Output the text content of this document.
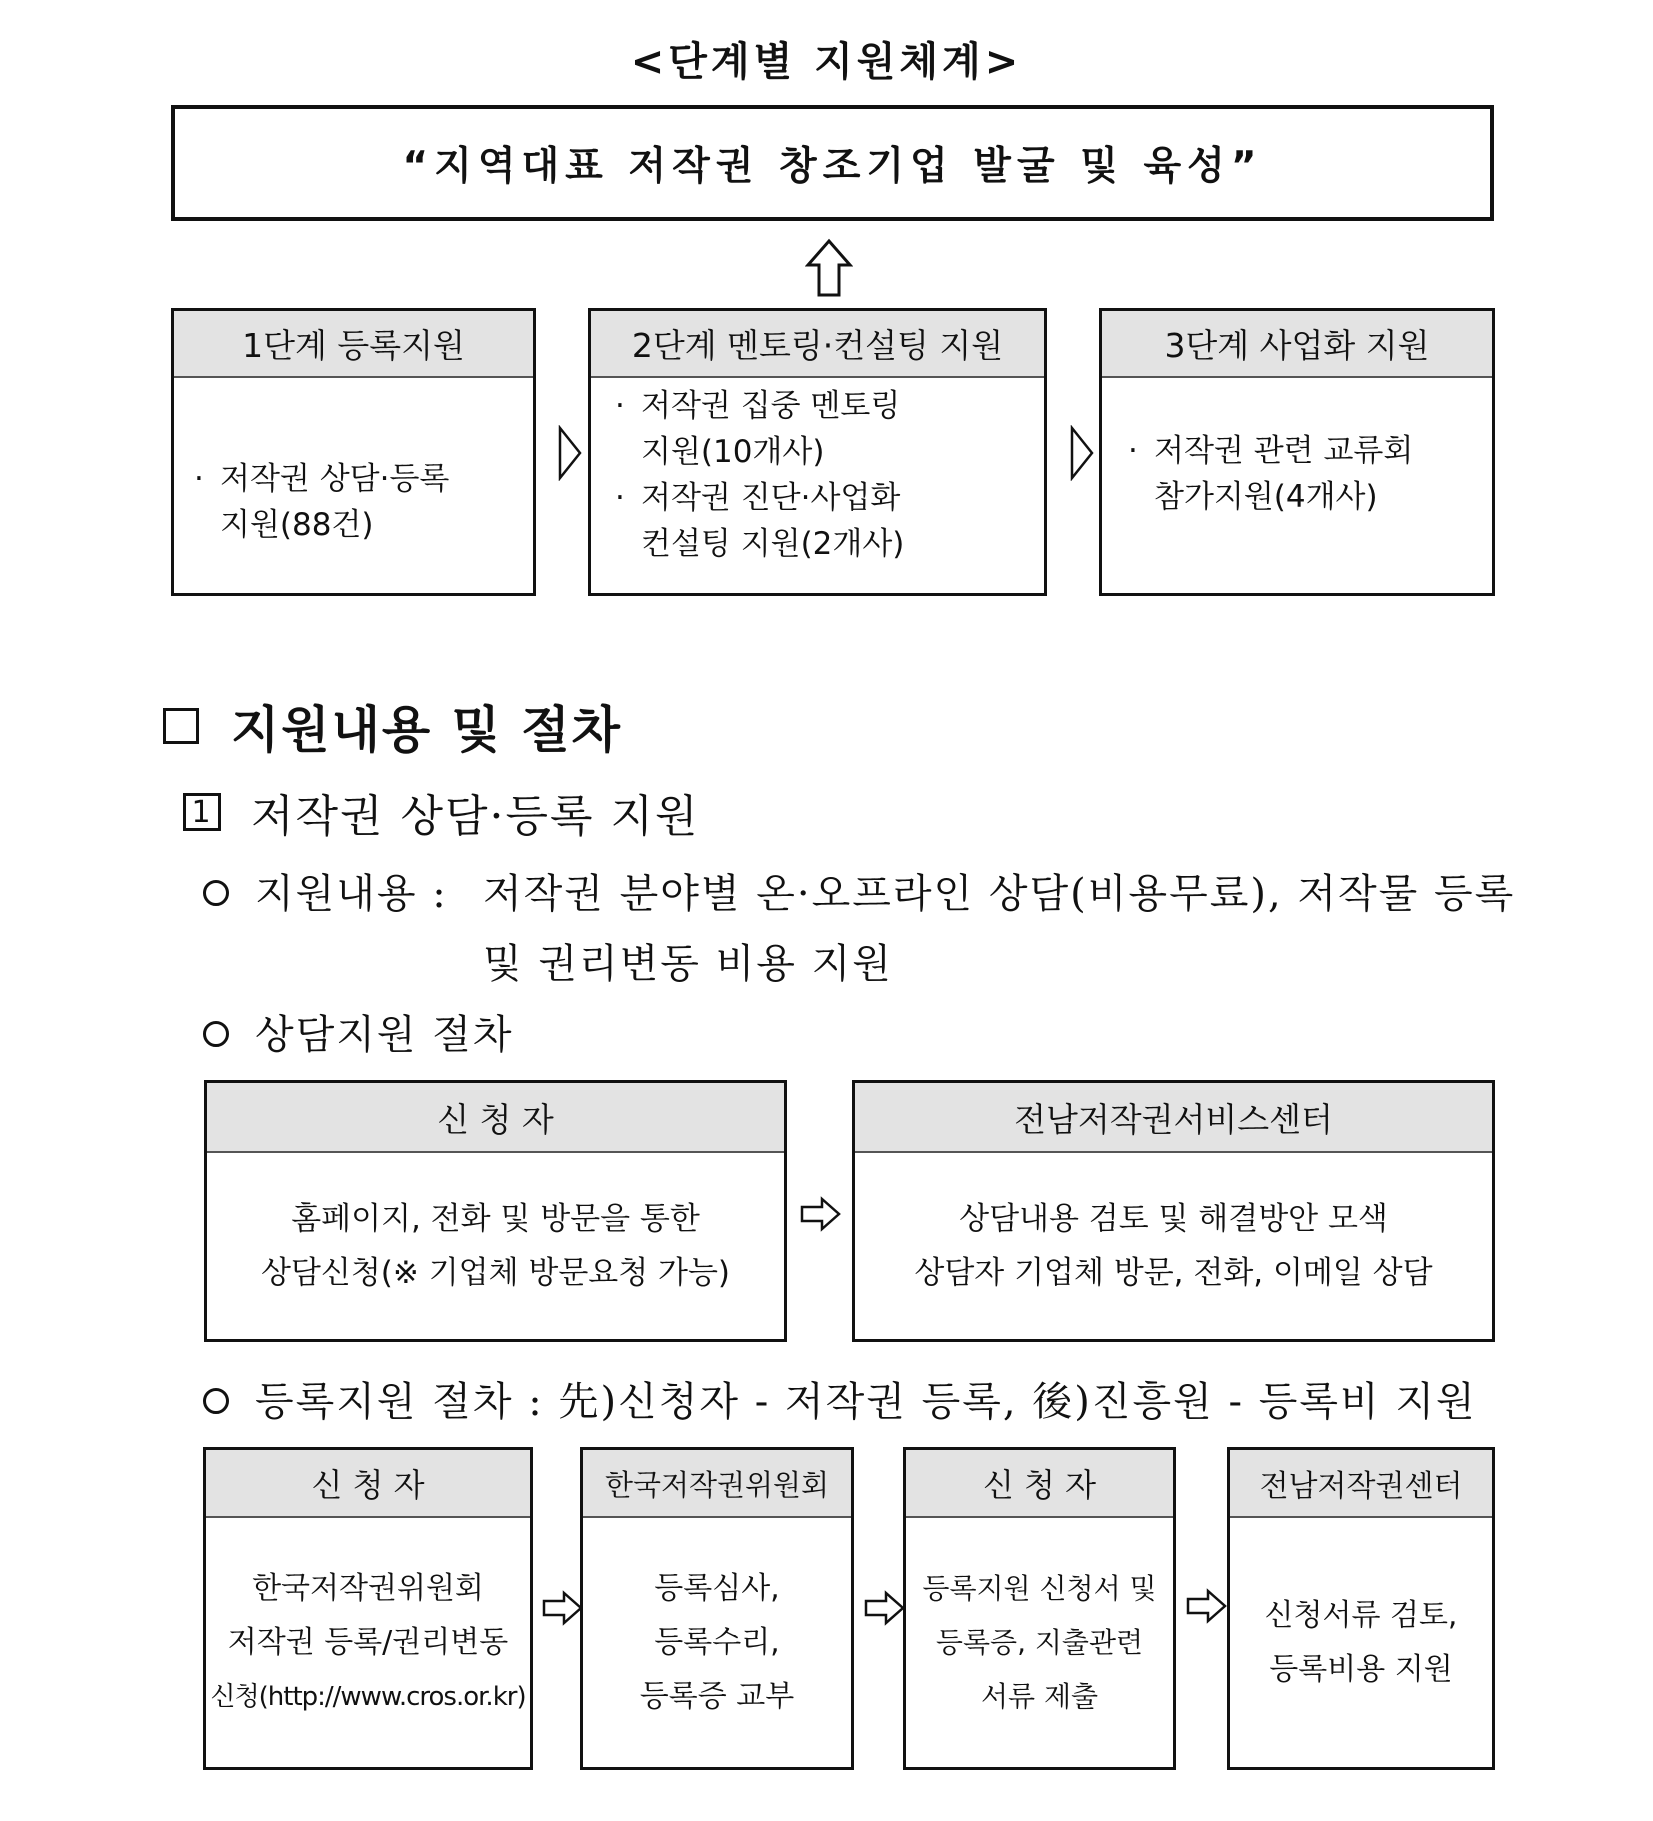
<단계별 지원체계>
“지역대표 저작권 창조기업 발굴 및 육성”
1단계 등록지원
· 저작권 상담·등록
지원(88건)
2단계 멘토링·컨설팅 지원
· 저작권 집중 멘토링
지원(10개사)
· 저작권 진단·사업화
컨설팅 지원(2개사)
3단계 사업화 지원
· 저작권 관련 교류회
참가지원(4개사)
지원내용 및 절차
1 저작권 상담·등록 지원
지원내용 : 저작권 분야별 온·오프라인 상담(비용무료), 저작물 등록
및 권리변동 비용 지원
상담지원 절차
신 청 자
홈페이지, 전화 및 방문을 통한
상담신청(※ 기업체 방문요청 가능)
전남저작권서비스센터
상담내용 검토 및 해결방안 모색
상담자 기업체 방문, 전화, 이메일 상담
등록지원 절차 : 先)신청자 - 저작권 등록, 後)진흥원 - 등록비 지원
신 청 자
한국저작권위원회
저작권 등록/권리변동
신청(http://www.cros.or.kr)
한국저작권위원회
등록심사,
등록수리,
등록증 교부
신 청 자
등록지원 신청서 및
등록증, 지출관련
서류 제출
전남저작권센터
신청서류 검토,
등록비용 지원
